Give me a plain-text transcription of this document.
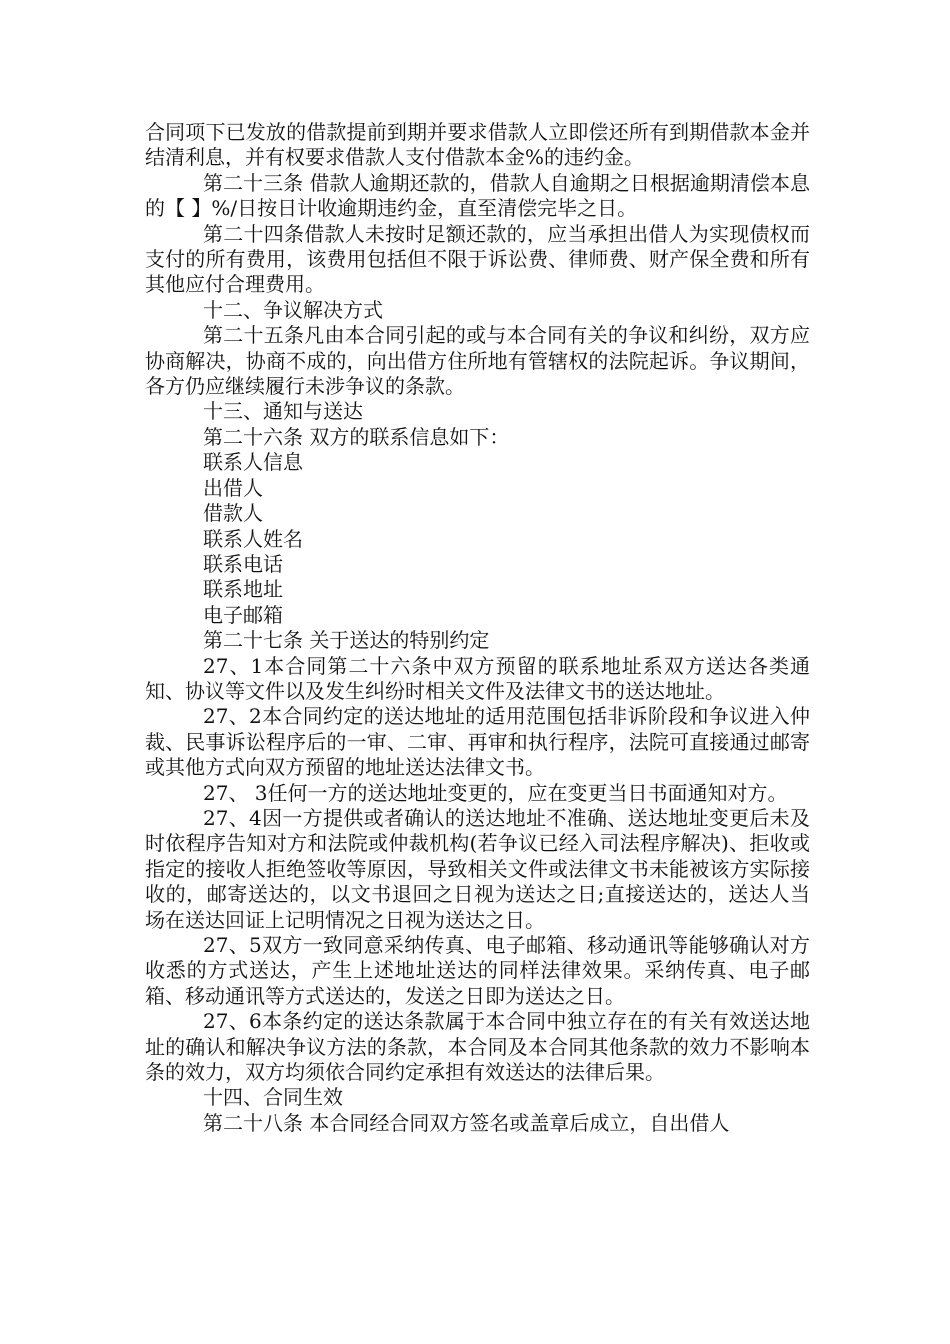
合同项下已发放的借款提前到期并要求借款人立即偿还所有到期借款本金并结清利息，并有权要求借款人支付借款本金%的违约金。

第二十三条 借款人逾期还款的，借款人自逾期之日根据逾期清偿本息的【 】%/日按日计收逾期违约金，直至清偿完毕之日。

第二十四条借款人未按时足额还款的，应当承担出借人为实现债权而支付的所有费用，该费用包括但不限于诉讼费、律师费、财产保全费和所有其他应付合理费用。

十二、争议解决方式

第二十五条凡由本合同引起的或与本合同有关的争议和纠纷，双方应协商解决，协商不成的，向出借方住所地有管辖权的法院起诉。争议期间，各方仍应继续履行未涉争议的条款。

十三、通知与送达

第二十六条 双方的联系信息如下：

联系人信息

出借人

借款人

联系人姓名

联系电话

联系地址

电子邮箱

第二十七条 关于送达的特别约定

27、1本合同第二十六条中双方预留的联系地址系双方送达各类通知、协议等文件以及发生纠纷时相关文件及法律文书的送达地址。

27、2本合同约定的送达地址的适用范围包括非诉阶段和争议进入仲裁、民事诉讼程序后的一审、二审、再审和执行程序，法院可直接通过邮寄或其他方式向双方预留的地址送达法律文书。

27、 3任何一方的送达地址变更的，应在变更当日书面通知对方。

27、4因一方提供或者确认的送达地址不准确、送达地址变更后未及时依程序告知对方和法院或仲裁机构(若争议已经入司法程序解决)、拒收或指定的接收人拒绝签收等原因，导致相关文件或法律文书未能被该方实际接收的，邮寄送达的，以文书退回之日视为送达之日;直接送达的，送达人当场在送达回证上记明情况之日视为送达之日。

27、5双方一致同意采纳传真、电子邮箱、移动通讯等能够确认对方收悉的方式送达，产生上述地址送达的同样法律效果。采纳传真、电子邮箱、移动通讯等方式送达的，发送之日即为送达之日。

27、6本条约定的送达条款属于本合同中独立存在的有关有效送达地址的确认和解决争议方法的条款，本合同及本合同其他条款的效力不影响本条的效力，双方均须依合同约定承担有效送达的法律后果。

十四、合同生效

第二十八条 本合同经合同双方签名或盖章后成立，自出借人
